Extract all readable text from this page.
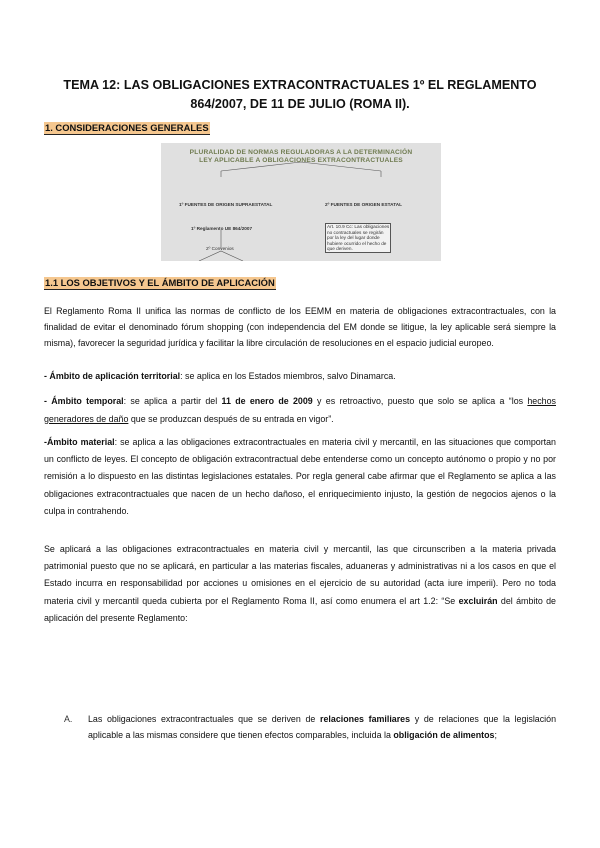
TEMA 12: LAS OBLIGACIONES EXTRACONTRACTUALES 1º EL REGLAMENTO 864/2007, DE 11 DE JULIO (ROMA II).
1. CONSIDERACIONES GENERALES
PLURALIDAD DE NORMAS REGULADORAS A LA DETERMINACIÓN
LEY APLICABLE A OBLIGACIONES EXTRACONTRACTUALES
1º FUENTES DE ORIGEN SUPRAESTATAL	2º FUENTES DE ORIGEN ESTATAL
1º Reglamento UE 864/2007
2º Convenios
Art. 10.9 Cc: Las obligaciones
no contractuales se regirán
por la ley del lugar donde
hubiere ocurrido el hecho de
que deriven.
1.1 LOS OBJETIVOS Y EL ÁMBITO DE APLICACIÓN
El Reglamento Roma II unifica las normas de conflicto de los EEMM en materia de obligaciones extracontractuales, con la finalidad de evitar el denominado fórum shopping (con independencia del EM donde se litigue, la ley aplicable será siempre la misma), favorecer la seguridad jurídica y facilitar la libre circulación de resoluciones en el espacio judicial europeo.
- Ámbito de aplicación territorial: se aplica en los Estados miembros, salvo Dinamarca.
- Ámbito temporal: se aplica a partir del 11 de enero de 2009 y es retroactivo, puesto que solo se aplica a “los hechos generadores de daño que se produzcan después de su entrada en vigor”.
-Ámbito material: se aplica a las obligaciones extracontractuales en materia civil y mercantil, en las situaciones que comportan un conflicto de leyes. El concepto de obligación extracontractual debe entenderse como un concepto autónomo o propio y no por remisión a lo dispuesto en las distintas legislaciones estatales. Por regla general cabe afirmar que el Reglamento se aplica a las obligaciones extracontractuales que nacen de un hecho dañoso, el enriquecimiento injusto, la gestión de negocios ajenos o la culpa in contrahendo.
Se aplicará a las obligaciones extracontractuales en materia civil y mercantil, las que circunscriben a la materia privada patrimonial puesto que no se aplicará, en particular a las materias fiscales, aduaneras y administrativas ni a los casos en que el Estado incurra en responsabilidad por acciones u omisiones en el ejercicio de su autoridad (acta iure imperii). Pero no toda materia civil y mercantil queda cubierta por el Reglamento Roma II, así como enumera el art 1.2: “Se excluirán del ámbito de aplicación del presente Reglamento:
A. Las obligaciones extracontractuales que se deriven de relaciones familiares y de relaciones que la legislación aplicable a las mismas considere que tienen efectos comparables, incluida la obligación de alimentos;
